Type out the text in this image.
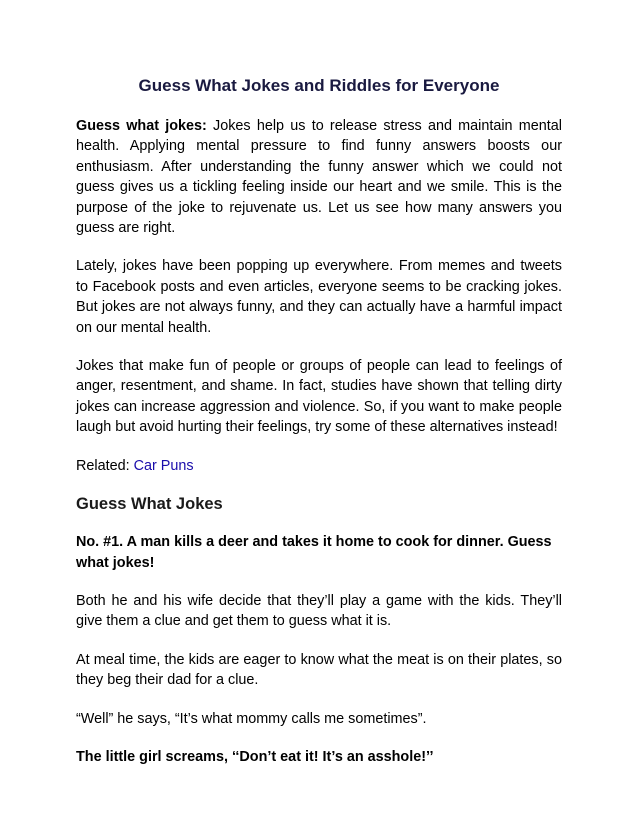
Guess What Jokes and Riddles for Everyone

Guess what jokes: Jokes help us to release stress and maintain mental health. Applying mental pressure to find funny answers boosts our enthusiasm. After understanding the funny answer which we could not guess gives us a tickling feeling inside our heart and we smile. This is the purpose of the joke to rejuvenate us. Let us see how many answers you guess are right.

Lately, jokes have been popping up everywhere. From memes and tweets to Facebook posts and even articles, everyone seems to be cracking jokes. But jokes are not always funny, and they can actually have a harmful impact on our mental health.

Jokes that make fun of people or groups of people can lead to feelings of anger, resentment, and shame. In fact, studies have shown that telling dirty jokes can increase aggression and violence. So, if you want to make people laugh but avoid hurting their feelings, try some of these alternatives instead!

Related: Car Puns

Guess What Jokes

No. #1. A man kills a deer and takes it home to cook for dinner. Guess what jokes!

Both he and his wife decide that they’ll play a game with the kids. They’ll give them a clue and get them to guess what it is.

At meal time, the kids are eager to know what the meat is on their plates, so they beg their dad for a clue.

“Well” he says, “It’s what mommy calls me sometimes”.

The little girl screams, ‘‘Don’t eat it! It’s an asshole!’’
